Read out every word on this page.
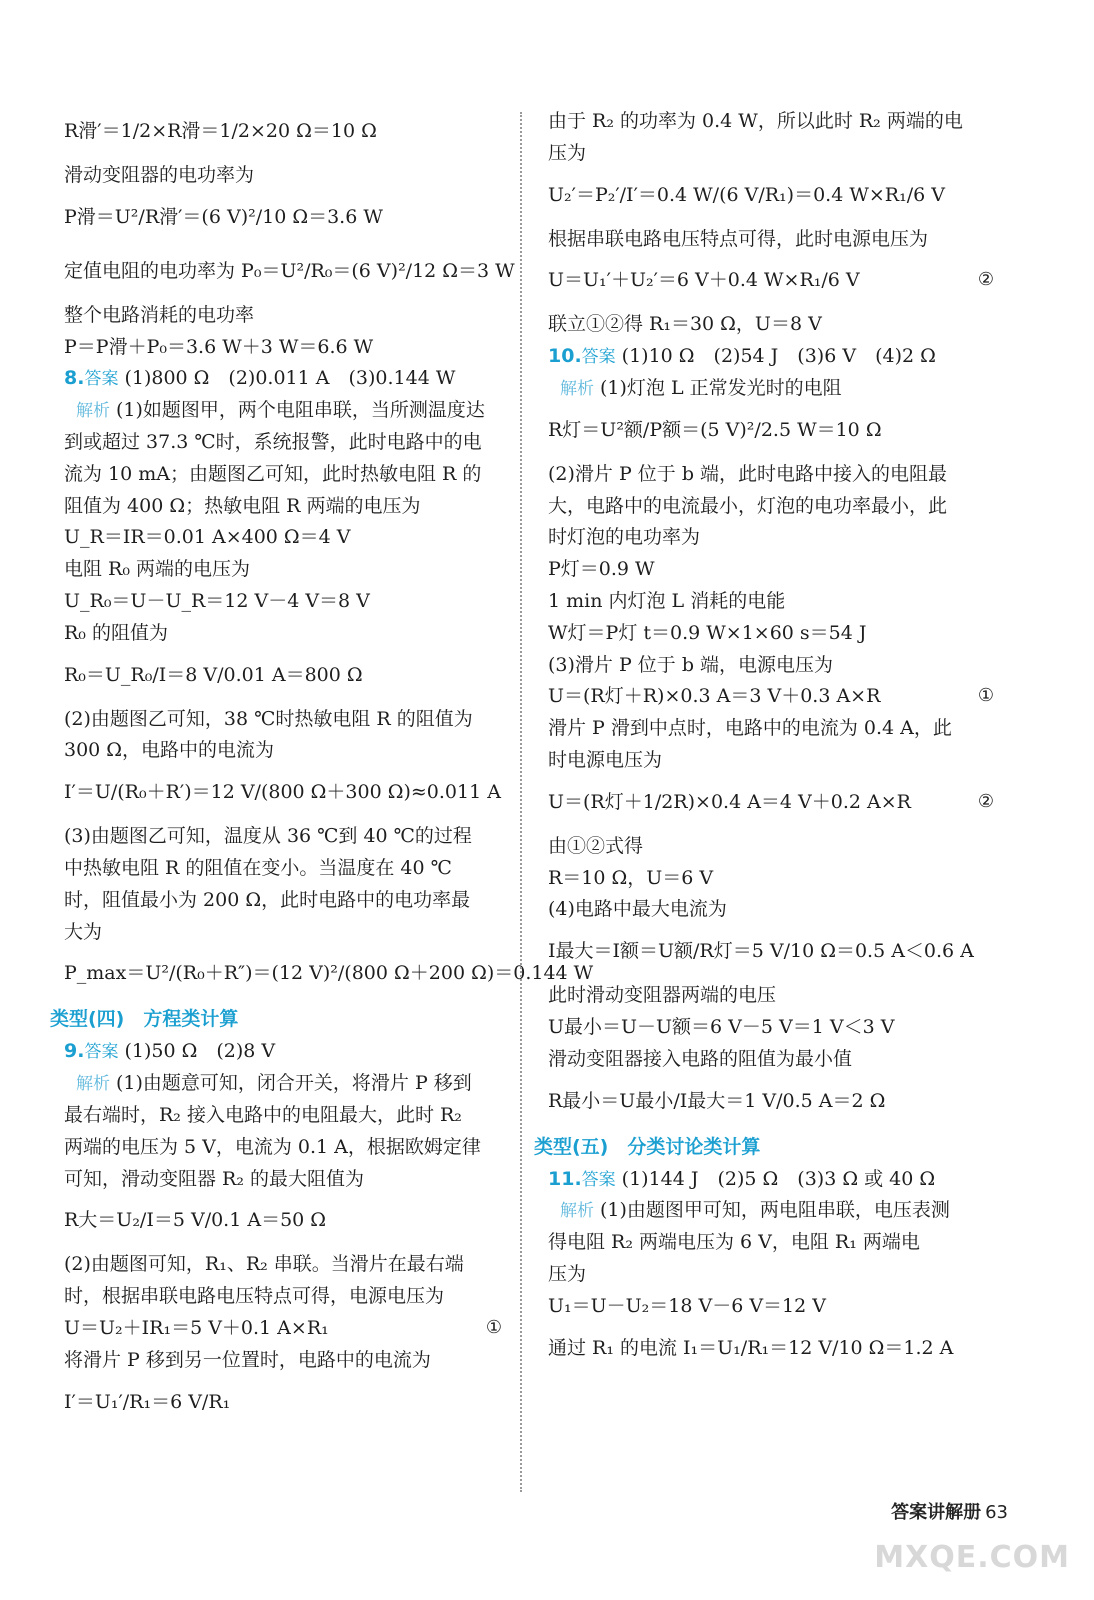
R滑′＝1/2×R滑＝1/2×20 Ω＝10 Ω
滑动变阻器的电功率为
P滑＝U²/R滑′＝(6 V)²/10 Ω＝3.6 W
定值电阻的电功率为 P₀＝U²/R₀＝(6 V)²/12 Ω＝3 W
整个电路消耗的电功率
P＝P滑＋P₀＝3.6 W＋3 W＝6.6 W
8.答案 (1)800 Ω　(2)0.011 A　(3)0.144 W
解析 (1)如题图甲，两个电阻串联，当所测温度达
到或超过 37.3 ℃时，系统报警，此时电路中的电
流为 10 mA；由题图乙可知，此时热敏电阻 R 的
阻值为 400 Ω；热敏电阻 R 两端的电压为
U_R＝IR＝0.01 A×400 Ω＝4 V
电阻 R₀ 两端的电压为
U_R₀＝U－U_R＝12 V－4 V＝8 V
R₀ 的阻值为
R₀＝U_R₀/I＝8 V/0.01 A＝800 Ω
(2)由题图乙可知，38 ℃时热敏电阻 R 的阻值为
300 Ω，电路中的电流为
I′＝U/(R₀＋R′)＝12 V/(800 Ω＋300 Ω)≈0.011 A
(3)由题图乙可知，温度从 36 ℃到 40 ℃的过程
中热敏电阻 R 的阻值在变小。当温度在 40 ℃
时，阻值最小为 200 Ω，此时电路中的电功率最
大为
P_max＝U²/(R₀＋R″)＝(12 V)²/(800 Ω＋200 Ω)＝0.144 W
类型(四)　方程类计算
9.答案 (1)50 Ω　(2)8 V
解析 (1)由题意可知，闭合开关，将滑片 P 移到
最右端时，R₂ 接入电路中的电阻最大，此时 R₂
两端的电压为 5 V，电流为 0.1 A，根据欧姆定律
可知，滑动变阻器 R₂ 的最大阻值为
R大＝U₂/I＝5 V/0.1 A＝50 Ω
(2)由题图可知，R₁、R₂ 串联。当滑片在最右端
时，根据串联电路电压特点可得，电源电压为
U＝U₂＋IR₁＝5 V＋0.1 A×R₁	①
将滑片 P 移到另一位置时，电路中的电流为
I′＝U₁′/R₁＝6 V/R₁
由于 R₂ 的功率为 0.4 W，所以此时 R₂ 两端的电
压为
U₂′＝P₂′/I′＝0.4 W/(6 V/R₁)＝0.4 W×R₁/6 V
根据串联电路电压特点可得，此时电源电压为
U＝U₁′＋U₂′＝6 V＋0.4 W×R₁/6 V	②
联立①②得 R₁＝30 Ω，U＝8 V
10.答案 (1)10 Ω　(2)54 J　(3)6 V　(4)2 Ω
解析 (1)灯泡 L 正常发光时的电阻
R灯＝U²额/P额＝(5 V)²/2.5 W＝10 Ω
(2)滑片 P 位于 b 端，此时电路中接入的电阻最
大，电路中的电流最小，灯泡的电功率最小，此
时灯泡的电功率为
P灯＝0.9 W
1 min 内灯泡 L 消耗的电能
W灯＝P灯 t＝0.9 W×1×60 s＝54 J
(3)滑片 P 位于 b 端，电源电压为
U＝(R灯＋R)×0.3 A＝3 V＋0.3 A×R	①
滑片 P 滑到中点时，电路中的电流为 0.4 A，此
时电源电压为
U＝(R灯＋1/2R)×0.4 A＝4 V＋0.2 A×R	②
由①②式得
R＝10 Ω，U＝6 V
(4)电路中最大电流为
I最大＝I额＝U额/R灯＝5 V/10 Ω＝0.5 A＜0.6 A
此时滑动变阻器两端的电压
U最小＝U－U额＝6 V－5 V＝1 V＜3 V
滑动变阻器接入电路的阻值为最小值
R最小＝U最小/I最大＝1 V/0.5 A＝2 Ω
类型(五)　分类讨论类计算
11.答案 (1)144 J　(2)5 Ω　(3)3 Ω 或 40 Ω
解析 (1)由题图甲可知，两电阻串联，电压表测
得电阻 R₂ 两端电压为 6 V，电阻 R₁ 两端电
压为
U₁＝U－U₂＝18 V－6 V＝12 V
通过 R₁ 的电流 I₁＝U₁/R₁＝12 V/10 Ω＝1.2 A
答案讲解册 63
MXQE.COM
